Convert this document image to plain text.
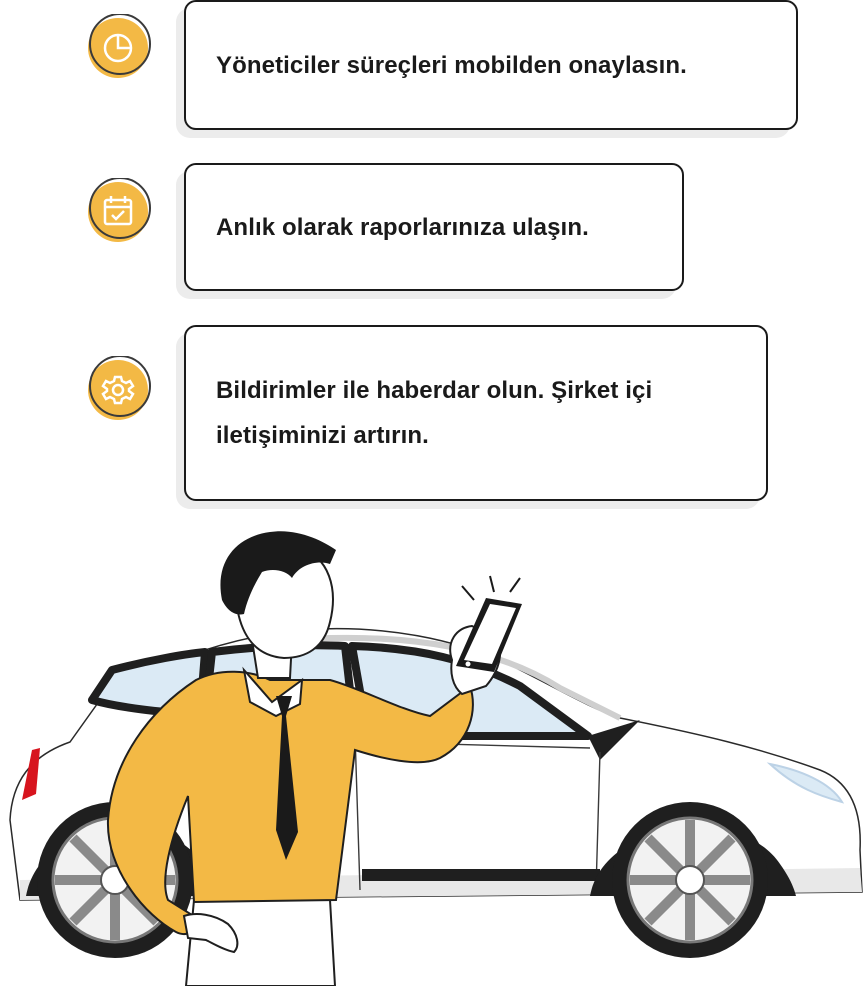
Yöneticiler süreçleri mobilden onaylasın.
Anlık olarak raporlarınıza ulaşın.
Bildirimler ile haberdar olun. Şirket içi iletişiminizi artırın.
